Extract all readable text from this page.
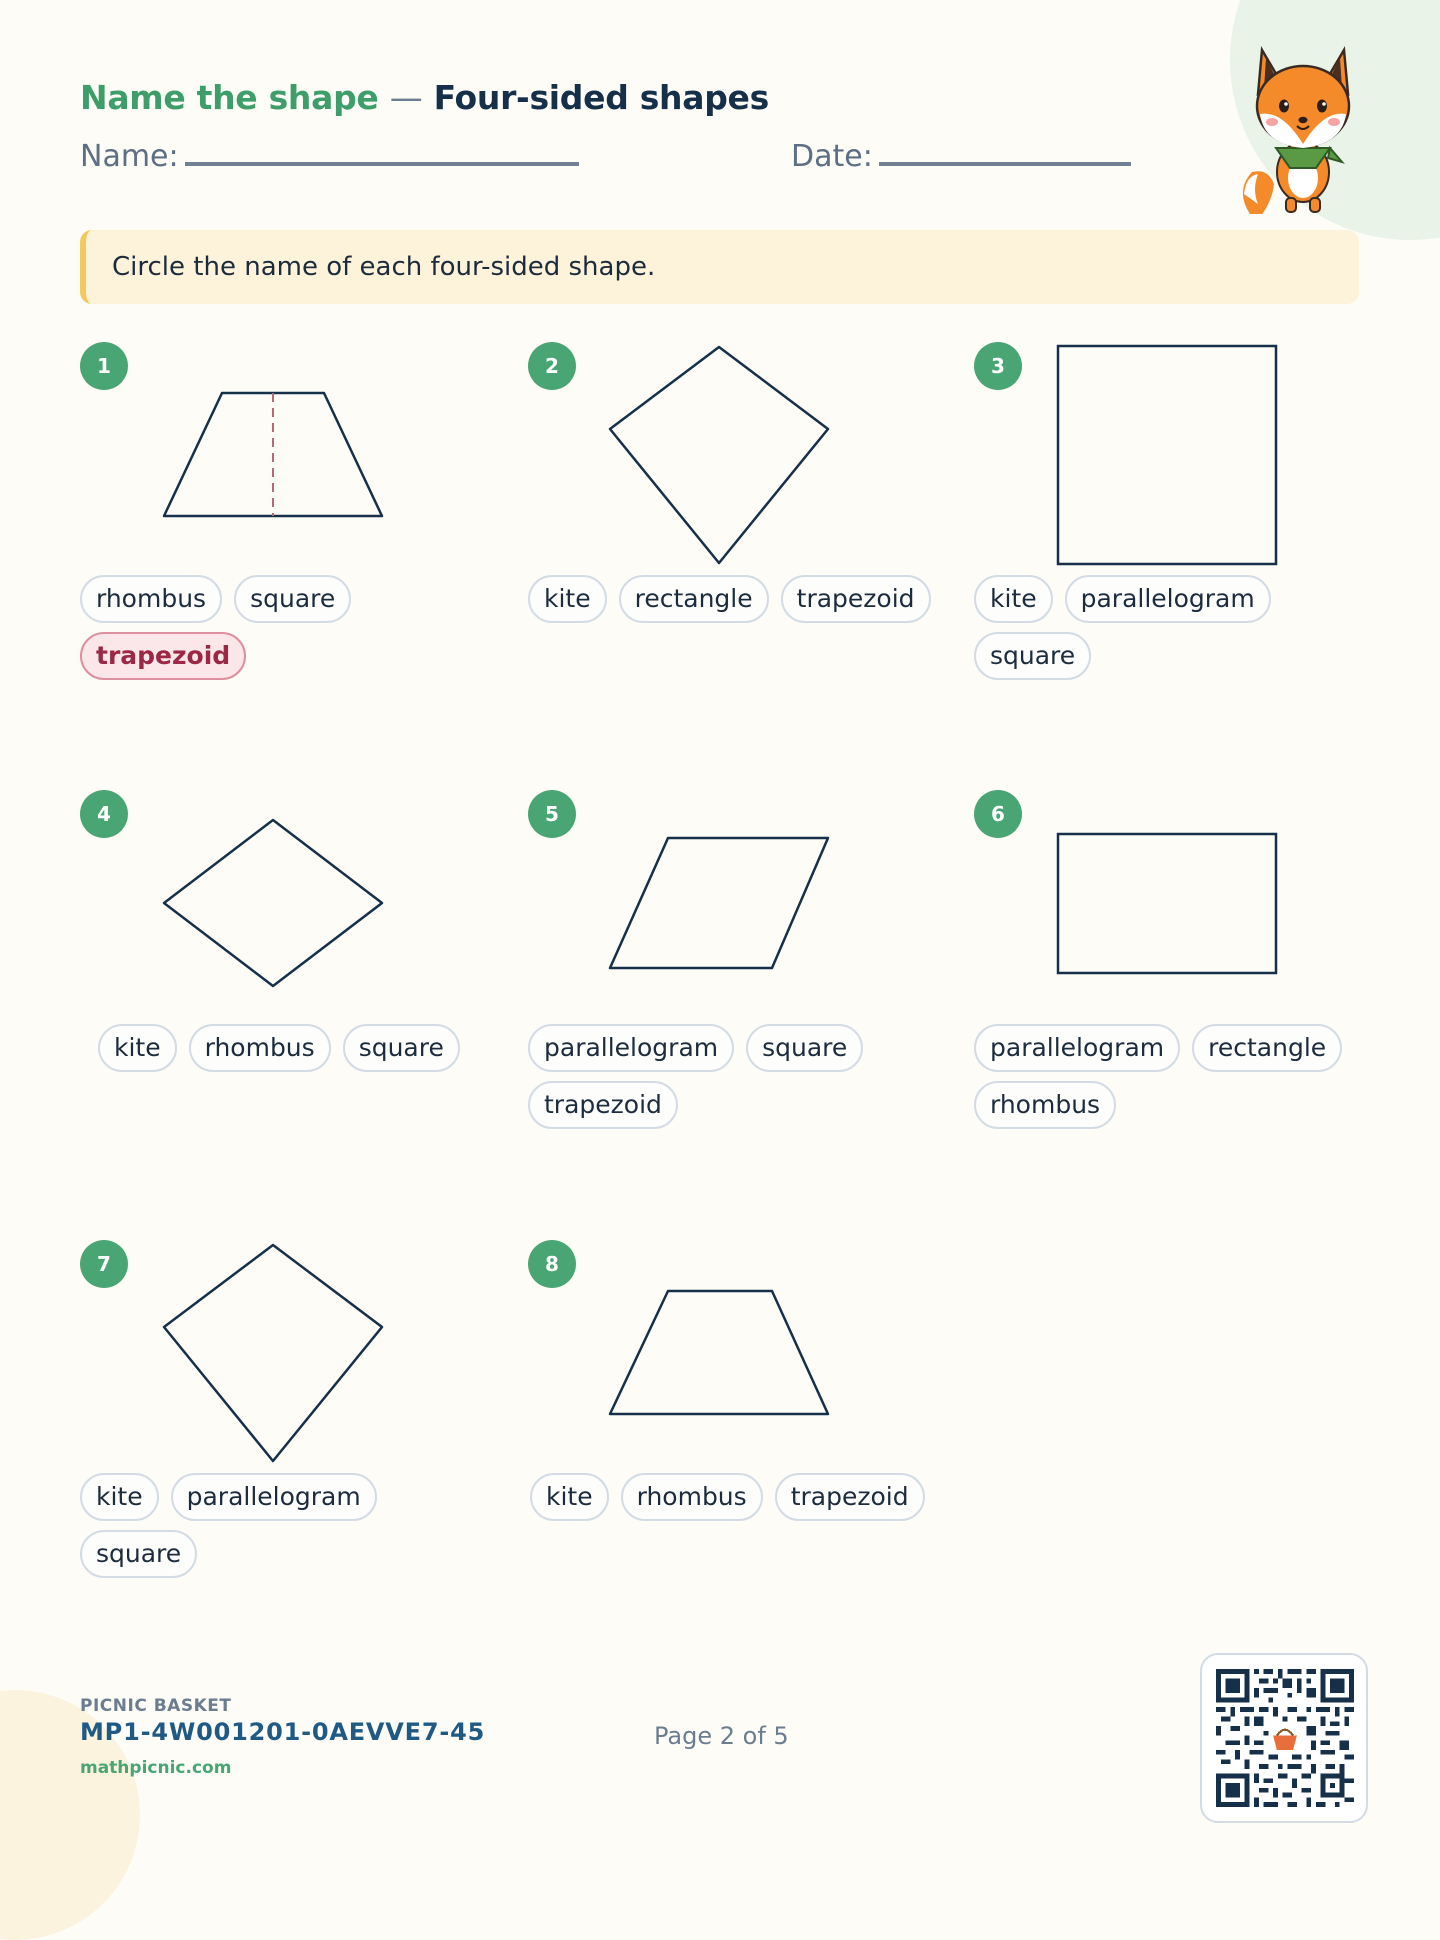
Name the shape — Four-sided shapes
Name:	Date:
Circle the name of each four-sided shape.
1
rhombus	square
trapezoid
2
kite	rectangle	trapezoid
3
kite	parallelogram
square
4
kite	rhombus	square
5
parallelogram	square
trapezoid
6
parallelogram	rectangle
rhombus
7
kite	parallelogram
square
8
kite	rhombus	trapezoid
PICNIC BASKET
MP1-4W001201-0AEVVE7-45
mathpicnic.com
Page 2 of 5
